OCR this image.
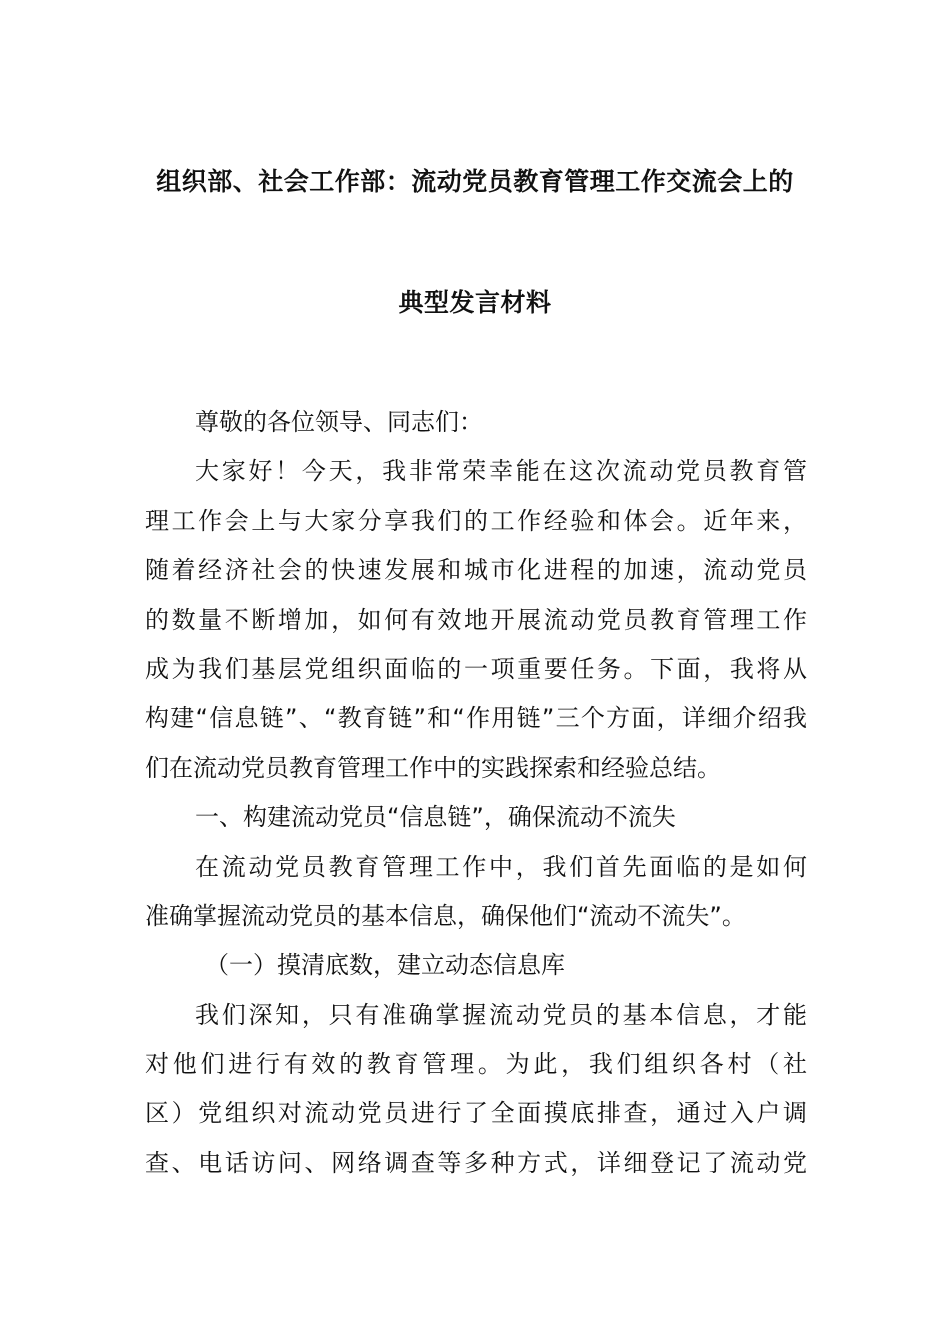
组织部、社会工作部：流动党员教育管理工作交流会上的
典型发言材料
尊敬的各位领导、同志们：
大家好！今天，我非常荣幸能在这次流动党员教育管
理工作会上与大家分享我们的工作经验和体会。近年来，
随着经济社会的快速发展和城市化进程的加速，流动党员
的数量不断增加，如何有效地开展流动党员教育管理工作
成为我们基层党组织面临的一项重要任务。下面，我将从
构建“信息链”、“教育链”和“作用链”三个方面，详细介绍我
们在流动党员教育管理工作中的实践探索和经验总结。
一、构建流动党员“信息链”，确保流动不流失
在流动党员教育管理工作中，我们首先面临的是如何
准确掌握流动党员的基本信息，确保他们“流动不流失”。
（一）摸清底数，建立动态信息库
我们深知，只有准确掌握流动党员的基本信息，才能
对他们进行有效的教育管理。为此，我们组织各村（社
区）党组织对流动党员进行了全面摸底排查，通过入户调
查、电话访问、网络调查等多种方式，详细登记了流动党
